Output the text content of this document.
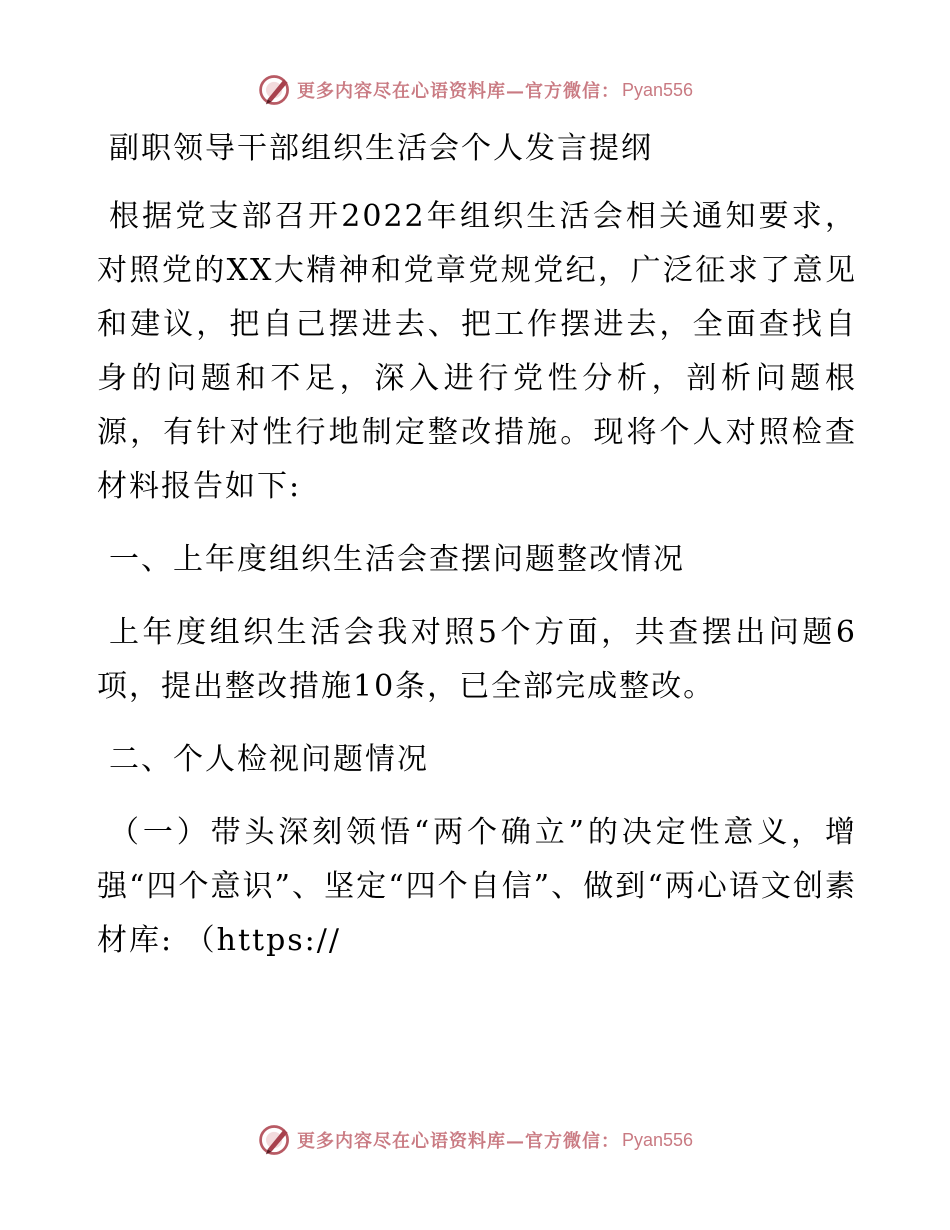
更多内容尽在心语资料库—官方微信： Pyan556

副职领导干部组织生活会个人发言提纲

根据党支部召开2022年组织生活会相关通知要求，对照党的XX大精神和党章党规党纪，广泛征求了意见和建议，把自己摆进去、把工作摆进去，全面查找自身的问题和不足，深入进行党性分析，剖析问题根源，有针对性行地制定整改措施。现将个人对照检查材料报告如下:

一、上年度组织生活会查摆问题整改情况

上年度组织生活会我对照5个方面，共查摆出问题6项，提出整改措施10条，已全部完成整改。

二、个人检视问题情况

（一）带头深刻领悟“两个确立”的决定性意义，增强“四个意识”、坚定“四个自信”、做到“两心语文创素材库: （https://

更多内容尽在心语资料库—官方微信： Pyan556
